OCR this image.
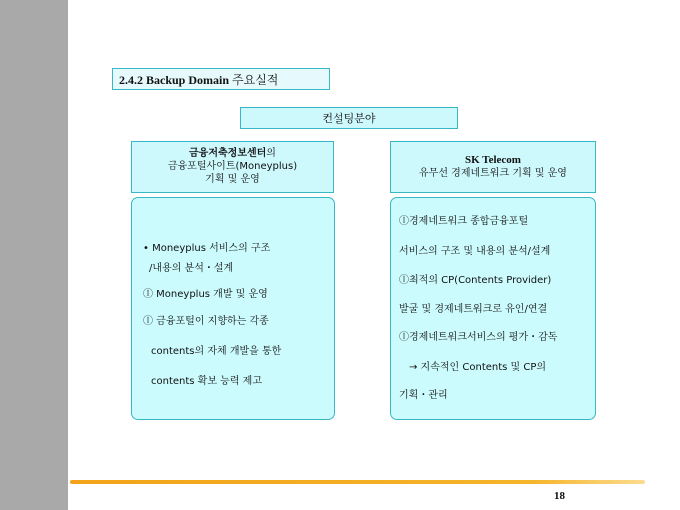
2.4.2 Backup Domain 주요실적
컨설팅분야
금융저축정보센터의
금융포털사이트(Moneyplus)
기획 및 운영
SK Telecom
유무선 경제네트워크 기획 및 운영
• Moneyplus 서비스의 구조
/내용의 분석・설계
ⓛ Moneyplus 개발 및 운영
ⓛ 금융포털이 지향하는 각종
contents의 자체 개발을 통한
contents 확보 능력 제고
ⓛ경제네트워크 종합금융포털
서비스의 구조 및 내용의 분석/설계
ⓛ최적의 CP(Contents Provider)
발굴 및 경제네트워크로 유인/연결
ⓛ경제네트워크서비스의 평가・감독
→ 지속적인 Contents 및 CP의
기획・관리
18
